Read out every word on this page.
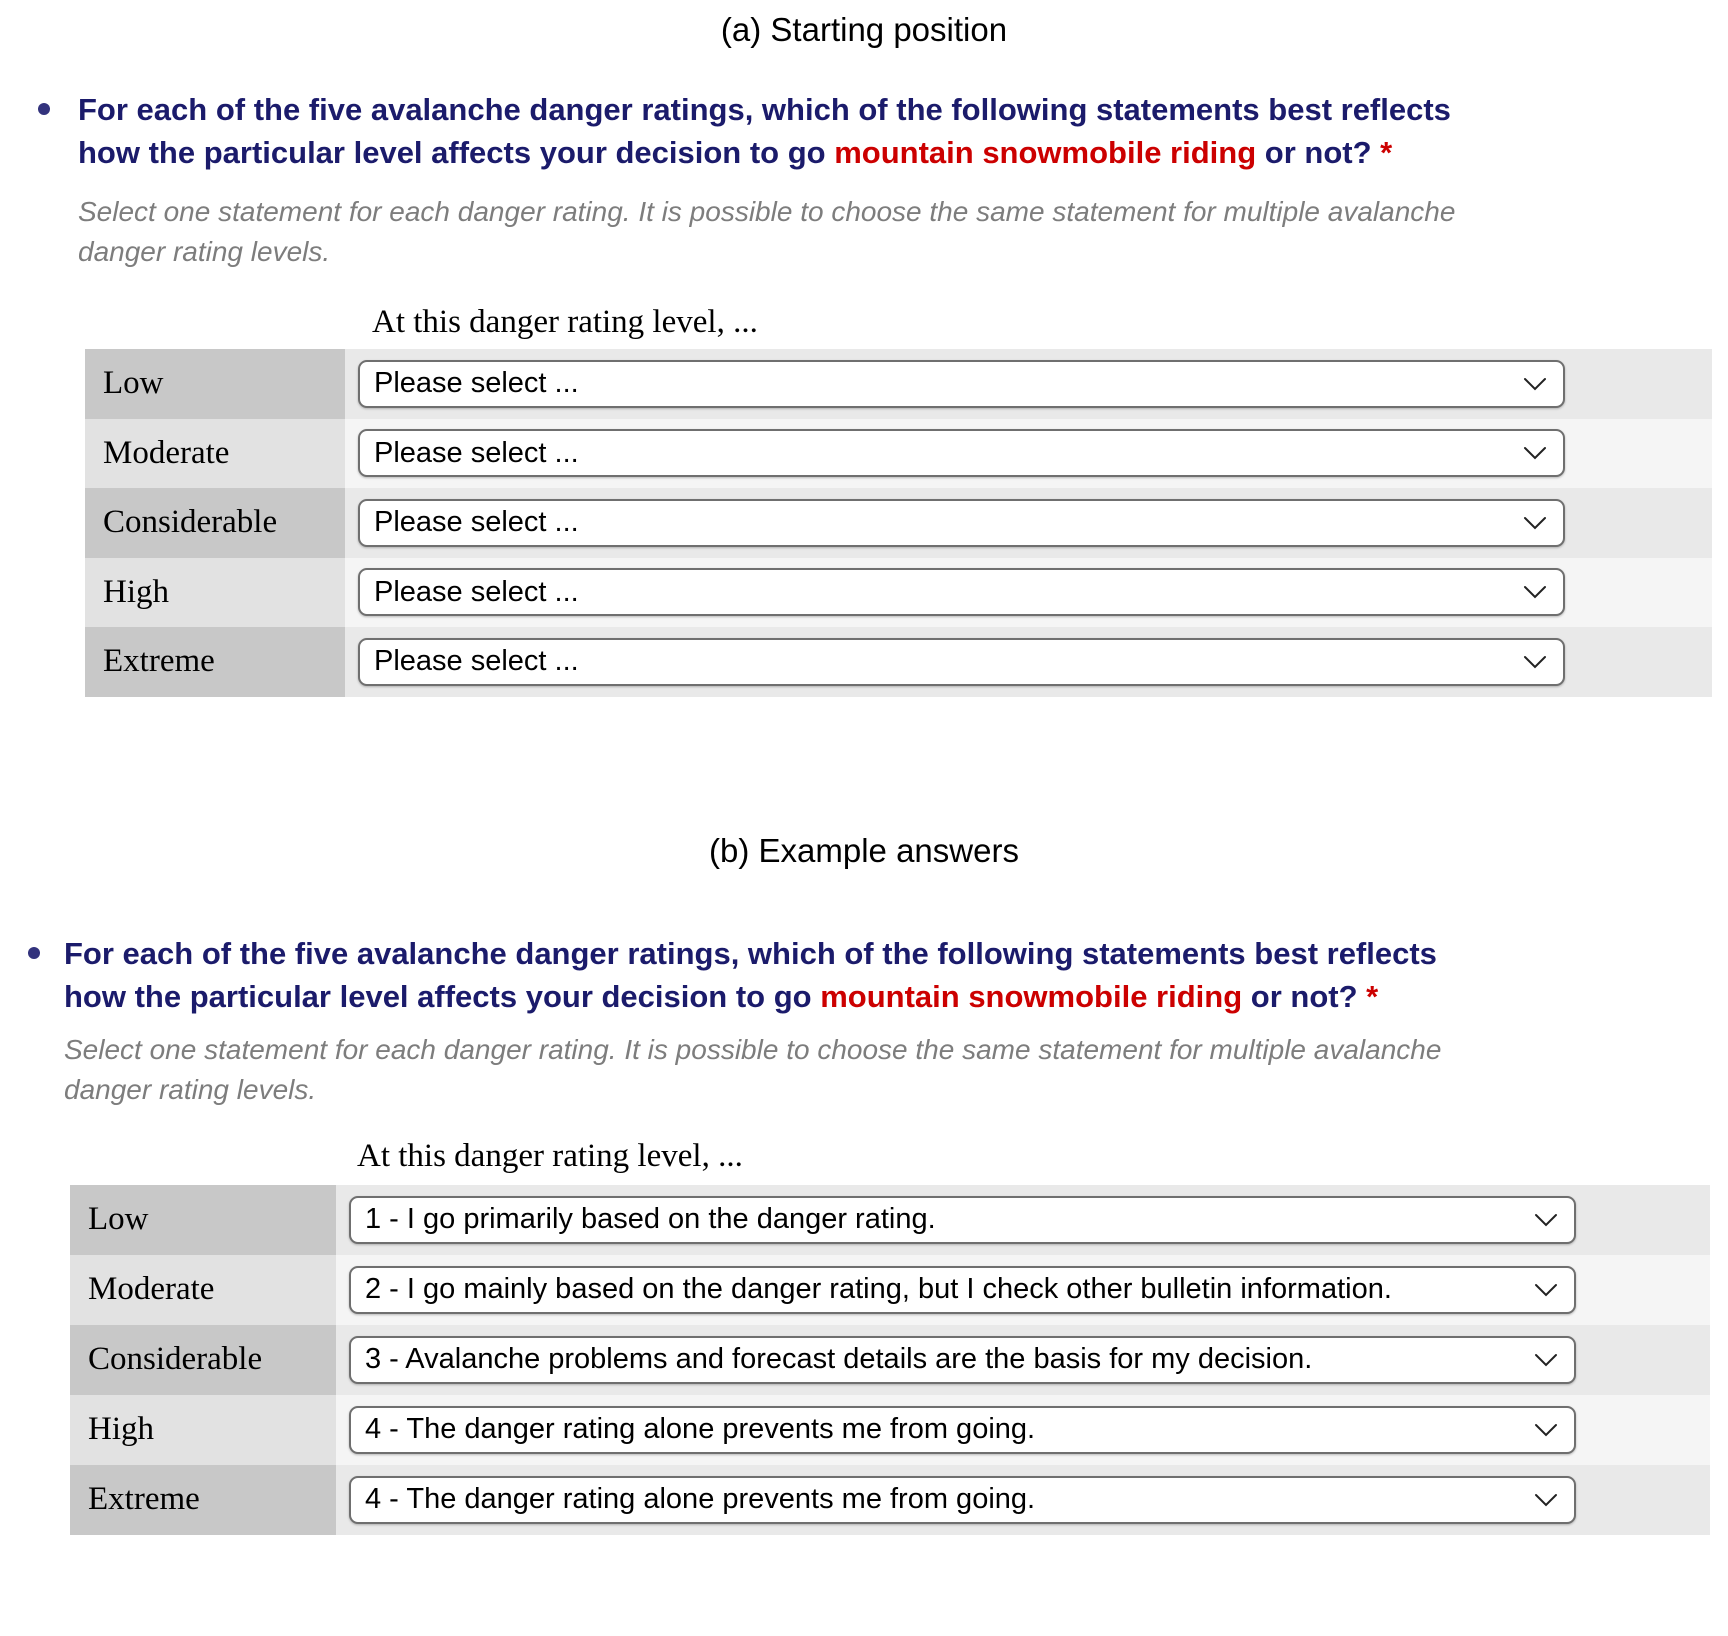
(a) Starting position

For each of the five avalanche danger ratings, which of the following statements best reflects how the particular level affects your decision to go mountain snowmobile riding or not? *

Select one statement for each danger rating. It is possible to choose the same statement for multiple avalanche danger rating levels.

At this danger rating level, ...
Low	Please select ...
Moderate	Please select ...
Considerable	Please select ...
High	Please select ...
Extreme	Please select ...
(b) Example answers

For each of the five avalanche danger ratings, which of the following statements best reflects how the particular level affects your decision to go mountain snowmobile riding or not? *

Select one statement for each danger rating. It is possible to choose the same statement for multiple avalanche danger rating levels.

At this danger rating level, ...
Low	1 - I go primarily based on the danger rating.
Moderate	2 - I go mainly based on the danger rating, but I check other bulletin information.
Considerable	3 - Avalanche problems and forecast details are the basis for my decision.
High	4 - The danger rating alone prevents me from going.
Extreme	4 - The danger rating alone prevents me from going.
